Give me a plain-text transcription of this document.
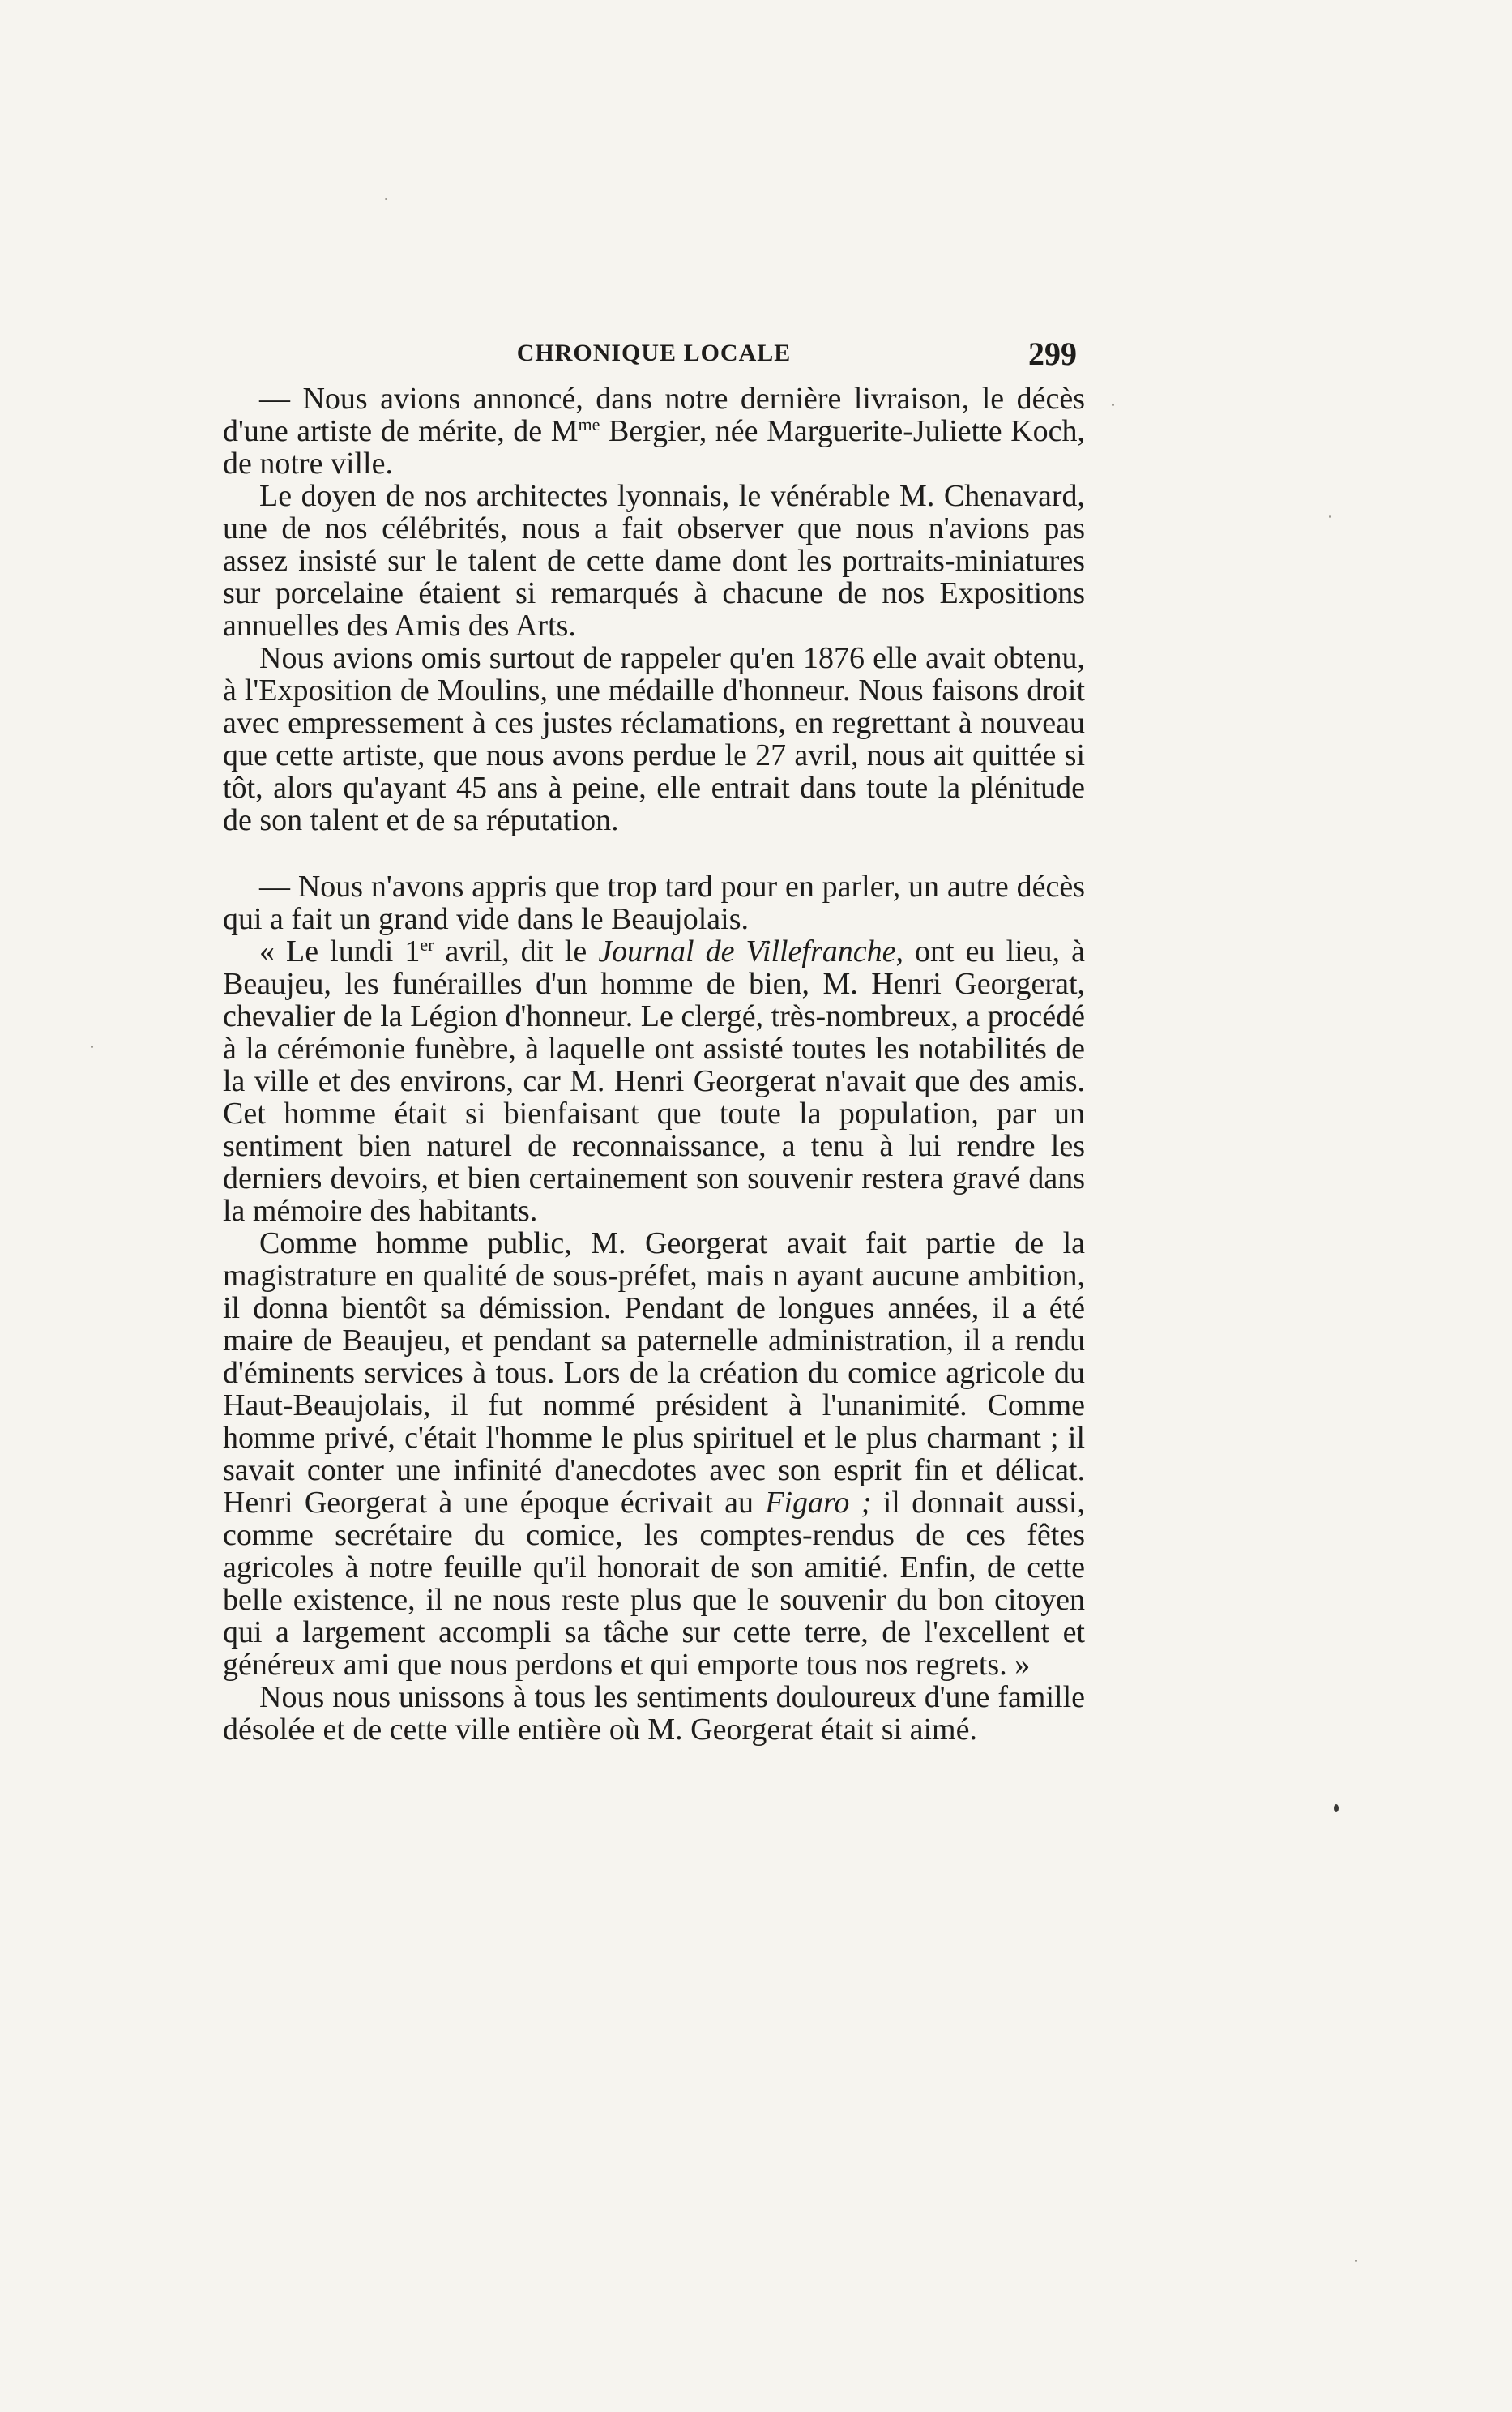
CHRONIQUE LOCALE	299

— Nous avions annoncé, dans notre dernière livraison, le décès d'une artiste de mérite, de $M^{me}$ Bergier, née Marguerite-Juliette Koch, de notre ville.

Le doyen de nos architectes lyonnais, le vénérable M. Chenavard, une de nos célébrités, nous a fait observer que nous n'avions pas assez insisté sur le talent de cette dame dont les portraits-miniatures sur porcelaine étaient si remarqués à chacune de nos Expositions annuelles des Amis des Arts.

Nous avions omis surtout de rappeler qu'en 1876 elle avait obtenu, à l'Exposition de Moulins, une médaille d'honneur. Nous faisons droit avec empressement à ces justes réclamations, en regrettant à nouveau que cette artiste, que nous avons perdue le 27 avril, nous ait quittée si tôt, alors qu'ayant 45 ans à peine, elle entrait dans toute la plénitude de son talent et de sa réputation.

— Nous n'avons appris que trop tard pour en parler, un autre décès qui a fait un grand vide dans le Beaujolais.

« Le lundi 1er avril, dit le Journal de Villefranche, ont eu lieu, à Beaujeu, les funérailles d'un homme de bien, M. Henri Georgerat, chevalier de la Légion d'honneur. Le clergé, très-nombreux, a procédé à la cérémonie funèbre, à laquelle ont assisté toutes les notabilités de la ville et des environs, car M. Henri Georgerat n'avait que des amis. Cet homme était si bienfaisant que toute la population, par un sentiment bien naturel de reconnaissance, a tenu à lui rendre les derniers devoirs, et bien certainement son souvenir restera gravé dans la mémoire des habitants.

Comme homme public, M. Georgerat avait fait partie de la magistrature en qualité de sous-préfet, mais n ayant aucune ambition, il donna bientôt sa démission. Pendant de longues années, il a été maire de Beaujeu, et pendant sa paternelle administration, il a rendu d'éminents services à tous. Lors de la création du comice agricole du Haut-Beaujolais, il fut nommé président à l'unanimité. Comme homme privé, c'était l'homme le plus spirituel et le plus charmant ; il savait conter une infinité d'anecdotes avec son esprit fin et délicat. Henri Georgerat à une époque écrivait au Figaro ; il donnait aussi, comme secrétaire du comice, les comptes-rendus de ces fêtes agricoles à notre feuille qu'il honorait de son amitié. Enfin, de cette belle existence, il ne nous reste plus que le souvenir du bon citoyen qui a largement accompli sa tâche sur cette terre, de l'excellent et généreux ami que nous perdons et qui emporte tous nos regrets. »

Nous nous unissons à tous les sentiments douloureux d'une famille désolée et de cette ville entière où M. Georgerat était si aimé.
